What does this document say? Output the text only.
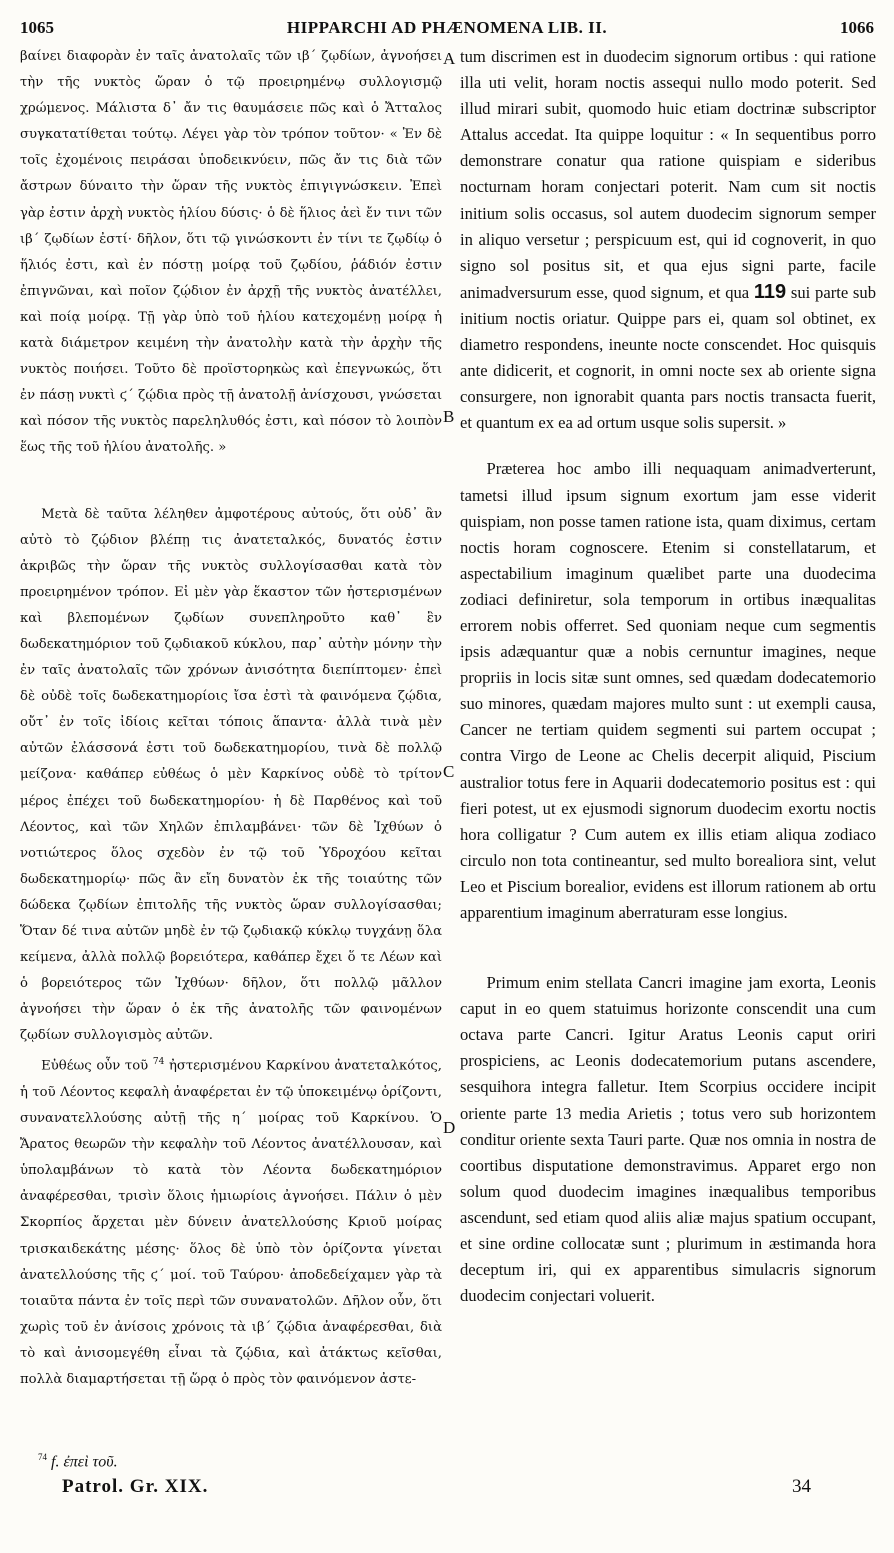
1065	HIPPARCHI AD PHÆNOMENA LIB. II.	1066

βαίνει διαφορὰν ἐν ταῖς ἀνατολαῖς τῶν ιβ΄ ζῳδίων, ἀγνοήσει τὴν τῆς νυκτὸς ὥραν ὁ τῷ προειρημένῳ συλλογισμῷ χρώμενος. Μάλιστα δ᾽ ἄν τις θαυμάσειε πῶς καὶ ὁ Ἄτταλος συγκατατίθεται τούτῳ. Λέγει γὰρ τὸν τρόπον τοῦτον· « Ἐν δὲ τοῖς ἐχομένοις πειράσαι ὑποδεικνύειν, πῶς ἄν τις διὰ τῶν ἄστρων δύναιτο τὴν ὥραν τῆς νυκτὸς ἐπιγιγνώσκειν. Ἐπεὶ γὰρ ἐστιν ἀρχὴ νυκτὸς ἡλίου δύσις· ὁ δὲ ἥλιος ἀεὶ ἔν τινι τῶν ιβ΄ ζῳδίων ἐστί· δῆλον, ὅτι τῷ γινώσκοντι ἐν τίνι τε ζῳδίῳ ὁ ἥλιός ἐστι, καὶ ἐν πόστῃ μοίρᾳ τοῦ ζῳδίου, ῥάδιόν ἐστιν ἐπιγνῶναι, καὶ ποῖον ζῴδιον ἐν ἀρχῇ τῆς νυκτὸς ἀνατέλλει, καὶ ποίᾳ μοίρᾳ. Τῇ γὰρ ὑπὸ τοῦ ἡλίου κατεχομένῃ μοίρᾳ ἡ κατὰ διάμετρον κειμένη τὴν ἀνατολὴν κατὰ τὴν ἀρχὴν τῆς νυκτὸς ποιήσει. Τοῦτο δὲ προϊστορηκὼς καὶ ἐπεγνωκώς, ὅτι ἐν πάσῃ νυκτὶ ϛ΄ ζῴδια πρὸς τῇ ἀνατολῇ ἀνίσχουσι, γνώσεται καὶ πόσον τῆς νυκτὸς παρεληλυθός ἐστι, καὶ πόσον τὸ λοιπὸν ἕως τῆς τοῦ ἡλίου ἀνατολῆς. »

Μετὰ δὲ ταῦτα λέληθεν ἀμφοτέρους αὐτούς, ὅτι οὐδ᾽ ἂν αὐτὸ τὸ ζῴδιον βλέπῃ τις ἀνατεταλκός, δυνατός ἐστιν ἀκριβῶς τὴν ὥραν τῆς νυκτὸς συλλογίσασθαι κατὰ τὸν προειρημένον τρόπον. Εἰ μὲν γὰρ ἕκαστον τῶν ἠστερισμένων καὶ βλεπομένων ζῳδίων συνεπληροῦτο καθ᾽ ἓν δωδεκατημόριον τοῦ ζῳδιακοῦ κύκλου, παρ᾽ αὐτὴν μόνην τὴν ἐν ταῖς ἀνατολαῖς τῶν χρόνων ἀνισότητα διεπίπτομεν· ἐπεὶ δὲ οὐδὲ τοῖς δωδεκατημορίοις ἴσα ἐστὶ τὰ φαινόμενα ζῴδια, οὔτ᾽ ἐν τοῖς ἰδίοις κεῖται τόποις ἅπαντα· ἀλλὰ τινὰ μὲν αὐτῶν ἐλάσσονά ἐστι τοῦ δωδεκατημορίου, τινὰ δὲ πολλῷ μείζονα· καθάπερ εὐθέως ὁ μὲν Καρκίνος οὐδὲ τὸ τρίτον μέρος ἐπέχει τοῦ δωδεκατημορίου· ἡ δὲ Παρθένος καὶ τοῦ Λέοντος, καὶ τῶν Χηλῶν ἐπιλαμβάνει· τῶν δὲ Ἰχθύων ὁ νοτιώτερος ὅλος σχεδὸν ἐν τῷ τοῦ Ὑδροχόου κεῖται δωδεκατημορίῳ· πῶς ἂν εἴη δυνατὸν ἐκ τῆς τοιαύτης τῶν δώδεκα ζῳδίων ἐπιτολῆς τῆς νυκτὸς ὥραν συλλογίσασθαι; Ὅταν δέ τινα αὐτῶν μηδὲ ἐν τῷ ζῳδιακῷ κύκλῳ τυγχάνῃ ὅλα κείμενα, ἀλλὰ πολλῷ βορειότερα, καθάπερ ἔχει ὅ τε Λέων καὶ ὁ βορειότερος τῶν Ἰχθύων· δῆλον, ὅτι πολλῷ μᾶλλον ἀγνοήσει τὴν ὥραν ὁ ἐκ τῆς ἀνατολῆς τῶν φαινομένων ζῳδίων συλλογισμὸς αὐτῶν.

Εὐθέως οὖν τοῦ $^{74}$ ἠστερισμένου Καρκίνου ἀνατεταλκότος, ἡ τοῦ Λέοντος κεφαλὴ ἀναφέρεται ἐν τῷ ὑποκειμένῳ ὁρίζοντι, συνανατελλούσης αὐτῇ τῆς η΄ μοίρας τοῦ Καρκίνου. Ὁ Ἄρατος θεωρῶν τὴν κεφαλὴν τοῦ Λέοντος ἀνατέλλουσαν, καὶ ὑπολαμβάνων τὸ κατὰ τὸν Λέοντα δωδεκατημόριον ἀναφέρεσθαι, τρισὶν ὅλοις ἡμιωρίοις ἀγνοήσει. Πάλιν ὁ μὲν Σκορπίος ἄρχεται μὲν δύνειν ἀνατελλούσης Κριοῦ μοίρας τρισκαιδεκάτης μέσης· ὅλος δὲ ὑπὸ τὸν ὁρίζοντα γίνεται ἀνατελλούσης τῆς ϛ΄ μοί. τοῦ Ταύρου· ἀποδεδείχαμεν γὰρ τὰ τοιαῦτα πάντα ἐν τοῖς περὶ τῶν συνανατολῶν. Δῆλον οὖν, ὅτι χωρὶς τοῦ ἐν ἀνίσοις χρόνοις τὰ ιβ΄ ζῴδια ἀναφέρεσθαι, διὰ τὸ καὶ ἀνισομεγέθη εἶναι τὰ ζῴδια, καὶ ἀτάκτως κεῖσθαι, πολλὰ διαμαρτήσεται τῇ ὥρᾳ ὁ πρὸς τὸν φαινόμενον ἀστε-

tum discrimen est in duodecim signorum ortibus : qui ratione illa uti velit, horam noctis assequi nullo modo poterit. Sed illud mirari subit, quomodo huic etiam doctrinæ subscriptor Attalus accedat. Ita quippe loquitur : « In sequentibus porro demonstrare conatur qua ratione quispiam e sideribus nocturnam horam conjectari poterit. Nam cum sit noctis initium solis occasus, sol autem duodecim signorum semper in aliquo versetur ; perspicuum est, qui id cognoverit, in quo signo sol positus sit, et qua ejus signi parte, facile animadversurum esse, quod signum, et qua 119 sui parte sub initium noctis oriatur. Quippe pars ei, quam sol obtinet, ex diametro respondens, ineunte nocte conscendet. Hoc quisquis ante didicerit, et cognorit, in omni nocte sex ab oriente signa consurgere, non ignorabit quanta pars noctis transacta fuerit, et quantum ex ea ad ortum usque solis supersit. »

Præterea hoc ambo illi nequaquam animadverterunt, tametsi illud ipsum signum exortum jam esse viderit quispiam, non posse tamen ratione ista, quam diximus, certam noctis horam cognoscere. Etenim si constellatarum, et aspectabilium imaginum quælibet parte una duodecima zodiaci definiretur, sola temporum in ortibus inæqualitas errorem nobis offerret. Sed quoniam neque cum segmentis ipsis adæquantur quæ a nobis cernuntur imagines, neque propriis in locis sitæ sunt omnes, sed quædam dodecatemorio suo minores, quædam majores multo sunt : ut exempli causa, Cancer ne tertiam quidem segmenti sui partem occupat ; contra Virgo de Leone ac Chelis decerpit aliquid, Piscium australior totus fere in Aquarii dodecatemorio positus est : qui fieri potest, ut ex ejusmodi signorum duodecim exortu noctis hora colligatur ? Cum autem ex illis etiam aliqua zodiaco circulo non tota contineantur, sed multo borealiora sint, velut Leo et Piscium borealior, evidens est illorum rationem ab ortu apparentium imaginum aberraturam esse longius.

Primum enim stellata Cancri imagine jam exorta, Leonis caput in eo quem statuimus horizonte conscendit una cum octava parte Cancri. Igitur Aratus Leonis caput oriri prospiciens, ac Leonis dodecatemorium putans ascendere, sesquihora integra falletur. Item Scorpius occidere incipit oriente parte 13 media Arietis ; totus vero sub horizontem conditur oriente sexta Tauri parte. Quæ nos omnia in nostra de coortibus disputatione demonstravimus. Apparet ergo non solum quod duodecim imagines inæqualibus temporibus ascendunt, sed etiam quod aliis aliæ majus spatium occupant, et sine ordine collocatæ sunt ; plurimum in æstimanda hora deceptum iri, qui ex apparentibus simulacris signorum duodecim conjectari voluerit.

A
B
C
D
$^{74}$ f. ἐπεὶ τοῦ.
Patrol. Gr. XIX.	34
